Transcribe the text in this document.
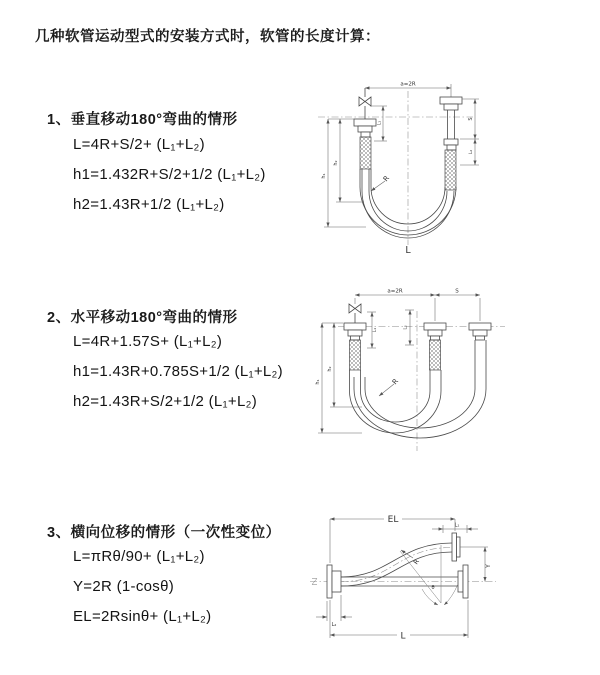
几种软管运动型式的安装方式时，软管的长度计算：
1、垂直移动180°弯曲的情形
L=4R+S/2+ (L₁+L₂)
h1=1.432R+S/2+1/2 (L₁+L₂)
h2=1.43R+1/2 (L₁+L₂)
2、水平移动180°弯曲的情形
L=4R+1.57S+ (L₁+L₂)
h1=1.43R+0.785S+1/2 (L₁+L₂)
h2=1.43R+S/2+1/2 (L₁+L₂)
3、横向位移的情形（一次性变位）
L=πRθ/90+ (L₁+L₂)
Y=2R (1-cosθ)
EL=2Rsinθ+ (L₁+L₂)
a=2R
S
L₂
L₁
h₁
h₂
R
L
a=2R	S
L₁
L₂
h₁
h₂
R
EL
L₁
Y
R
θ
L
L₂
